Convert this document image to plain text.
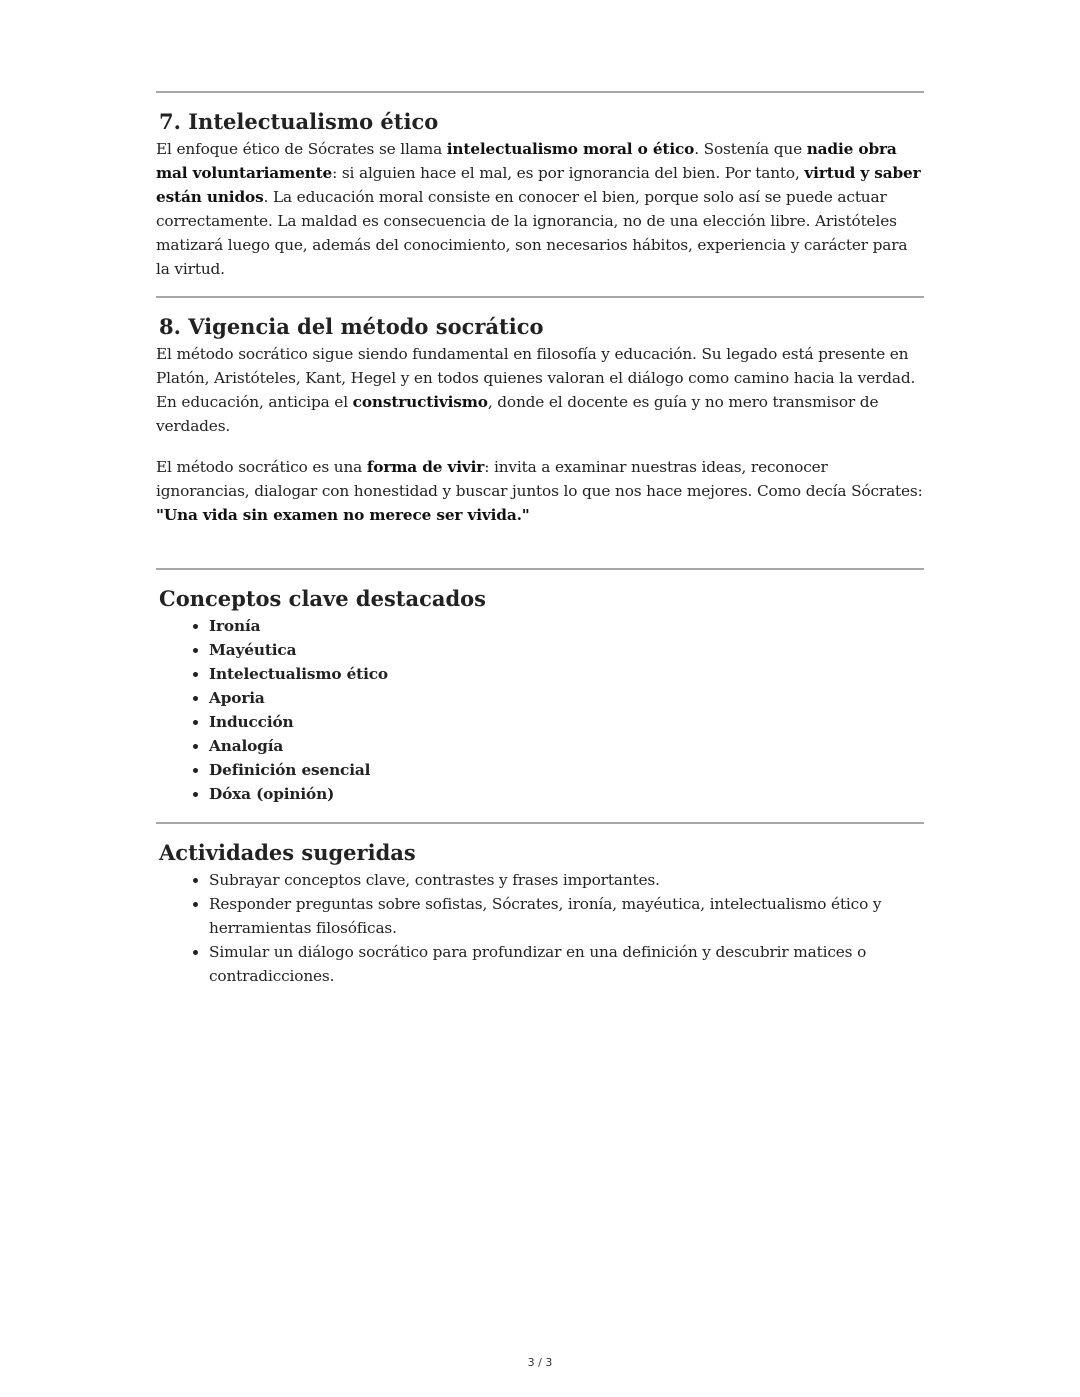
7. Intelectualismo ético

El enfoque ético de Sócrates se llama intelectualismo moral o ético. Sostenía que nadie obra mal voluntariamente: si alguien hace el mal, es por ignorancia del bien. Por tanto, virtud y saber están unidos. La educación moral consiste en conocer el bien, porque solo así se puede actuar correctamente. La maldad es consecuencia de la ignorancia, no de una elección libre. Aristóteles matizará luego que, además del conocimiento, son necesarios hábitos, experiencia y carácter para la virtud.

8. Vigencia del método socrático

El método socrático sigue siendo fundamental en filosofía y educación. Su legado está presente en Platón, Aristóteles, Kant, Hegel y en todos quienes valoran el diálogo como camino hacia la verdad. En educación, anticipa el constructivismo, donde el docente es guía y no mero transmisor de verdades.

El método socrático es una forma de vivir: invita a examinar nuestras ideas, reconocer ignorancias, dialogar con honestidad y buscar juntos lo que nos hace mejores. Como decía Sócrates:
"Una vida sin examen no merece ser vivida."

Conceptos clave destacados
• Ironía
• Mayéutica
• Intelectualismo ético
• Aporia
• Inducción
• Analogía
• Definición esencial
• Dóxa (opinión)
Actividades sugeridas
• Subrayar conceptos clave, contrastes y frases importantes.
• Responder preguntas sobre sofistas, Sócrates, ironía, mayéutica, intelectualismo ético y herramientas filosóficas.
• Simular un diálogo socrático para profundizar en una definición y descubrir matices o contradicciones.
3 / 3
